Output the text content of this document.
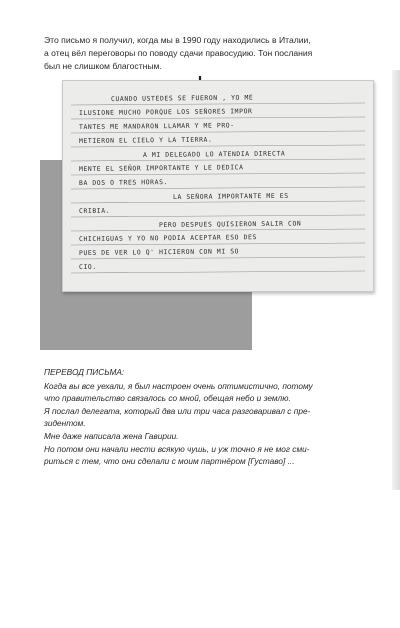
Это письмо я получил, когда мы в 1990 году находились в Италии,
а отец вёл переговоры по поводу сдачи правосудию. Тон послания
был не слишком благостным.
CUANDO USTEDES SE FUERON , YO ME
ILUSIONE MUCHO PORQUE LOS SEÑORES IMPOR
TANTES ME MANDARON LLAMAR Y ME PRO-
METIERON EL CIELO Y LA TIERRA.
A MI DELEGADO LO ATENDIA DIRECTA
MENTE EL SEÑOR IMPORTANTE Y LE DEDICA
BA DOS O TRES HORAS.
LA SEÑORA IMPORTANTE ME ES
CRIBIA.
PERO DESPUES QUISIERON SALIR CON
CHICHIGUAS Y YO NO PODIA ACEPTAR ESO DES
PUES DE VER LO Q' HICIERON CON MI SO
CIO.

ПЕРЕВОД ПИСЬМА:

Когда вы все уехали, я был настроен очень оптимистично, потому

что правительство связалось со мной, обещая небо и землю.

Я послал делегата, который два или три часа разговаривал с пре-

зидентом.

Мне даже написала жена Гавирии.

Но потом они начали нести всякую чушь, и уж точно я не мог сми-

риться с тем, что они сделали с моим партнёром [Густаво] ...
